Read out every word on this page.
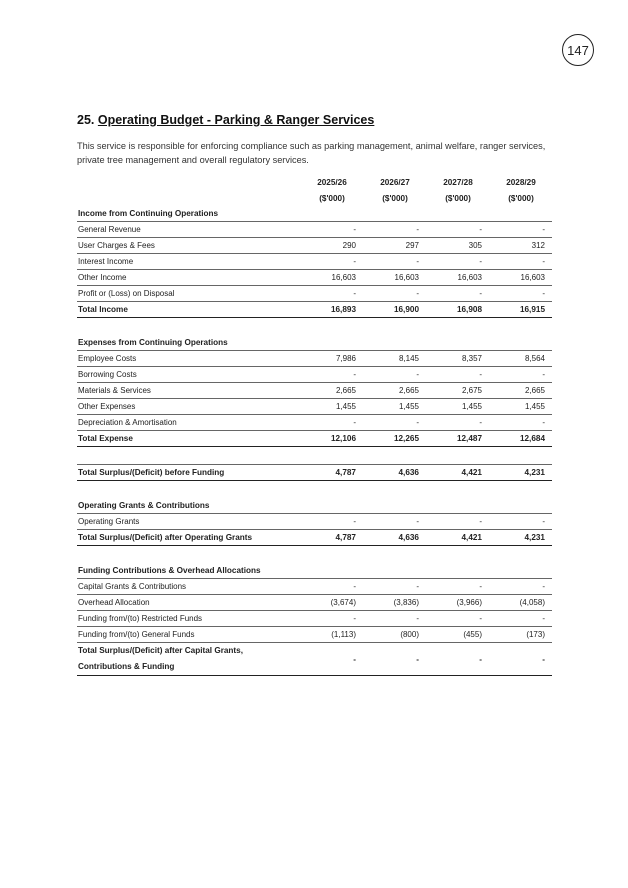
147
25. Operating Budget - Parking & Ranger Services
This service is responsible for enforcing compliance such as parking management, animal welfare, ranger services, private tree management and overall regulatory services.
	2025/26	2026/27	2027/28	2028/29
	($'000)	($'000)	($'000)	($'000)
Income from Continuing Operations				
General Revenue	-	-	-	-
User Charges & Fees	290	297	305	312
Interest Income	-	-	-	-
Other Income	16,603	16,603	16,603	16,603
Profit or (Loss) on Disposal	-	-	-	-
Total Income	16,893	16,900	16,908	16,915

Expenses from Continuing Operations				
Employee Costs	7,986	8,145	8,357	8,564
Borrowing Costs	-	-	-	-
Materials & Services	2,665	2,665	2,675	2,665
Other Expenses	1,455	1,455	1,455	1,455
Depreciation & Amortisation	-	-	-	-
Total Expense	12,106	12,265	12,487	12,684

Total Surplus/(Deficit) before Funding	4,787	4,636	4,421	4,231

Operating Grants & Contributions				
Operating Grants	-	-	-	-
Total Surplus/(Deficit) after Operating Grants	4,787	4,636	4,421	4,231

Funding Contributions & Overhead Allocations				
Capital Grants & Contributions	-	-	-	-
Overhead Allocation	(3,674)	(3,836)	(3,966)	(4,058)
Funding from/(to) Restricted Funds	-	-	-	-
Funding from/(to) General Funds	(1,113)	(800)	(455)	(173)

Total Surplus/(Deficit) after Capital Grants,
Contributions & Funding	-	-	-	-
